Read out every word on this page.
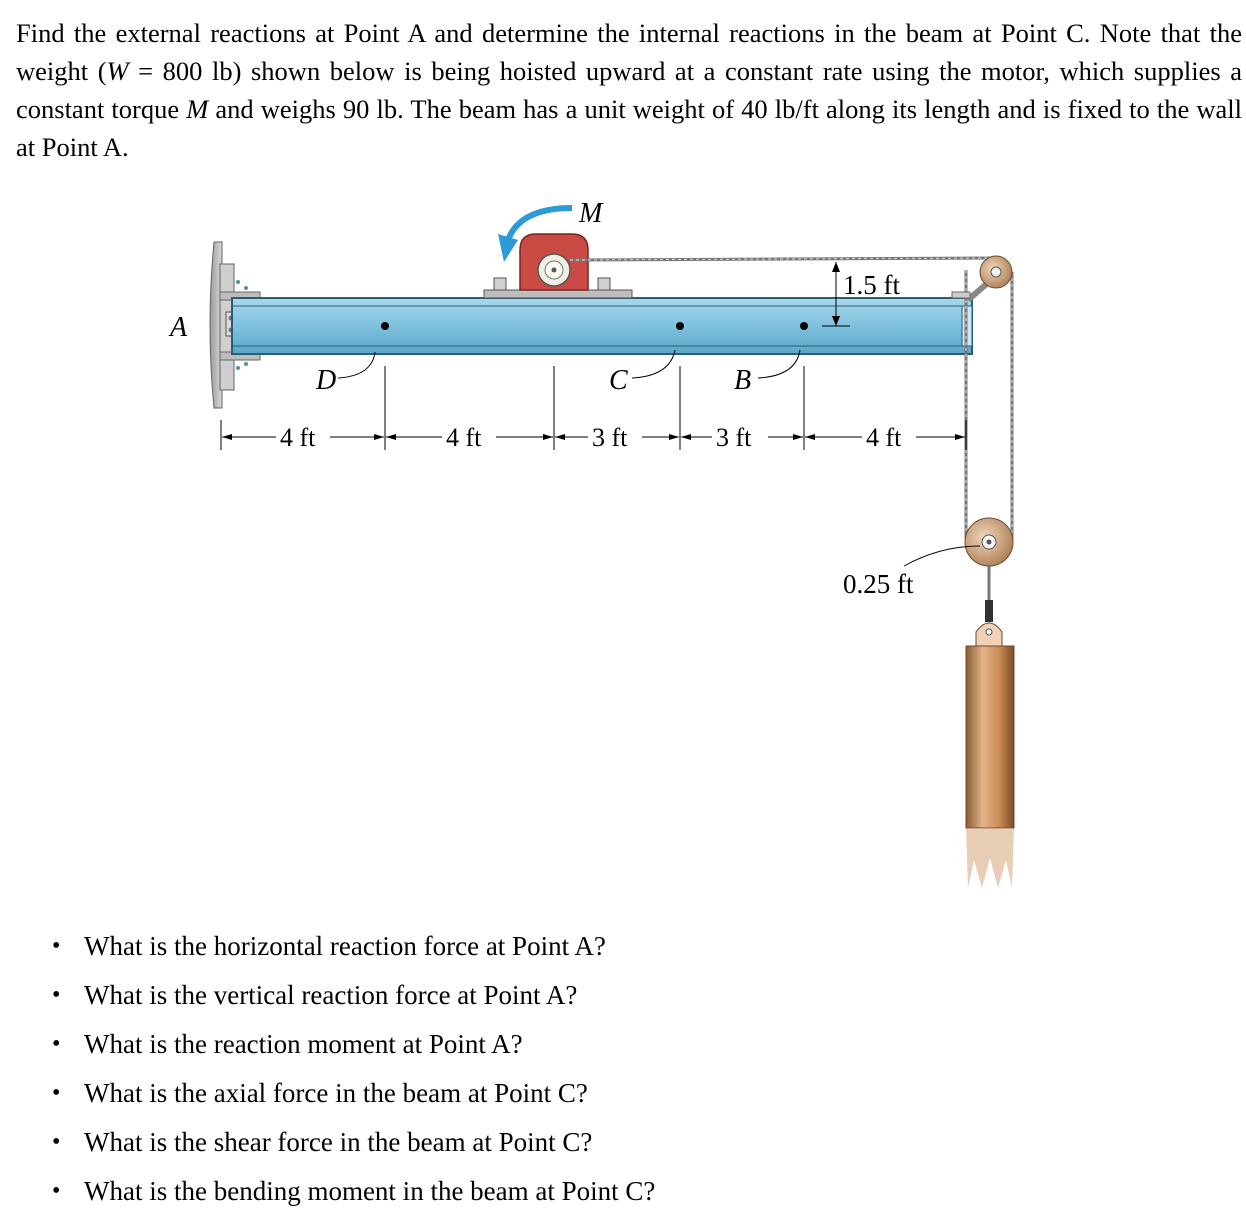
Find the external reactions at Point A and determine the internal reactions in the beam at Point C. Note that the weight (W = 800 lb) shown below is being hoisted upward at a constant rate using the motor, which supplies a constant torque M and weighs 90 lb. The beam has a unit weight of 40 lb/ft along its length and is fixed to the wall at Point A.
M
A
D	C	B
1.5 ft
0.25 ft
4 ft	4 ft	3 ft	3 ft	4 ft
• What is the horizontal reaction force at Point A?
• What is the vertical reaction force at Point A?
• What is the reaction moment at Point A?
• What is the axial force in the beam at Point C?
• What is the shear force in the beam at Point C?
• What is the bending moment in the beam at Point C?
